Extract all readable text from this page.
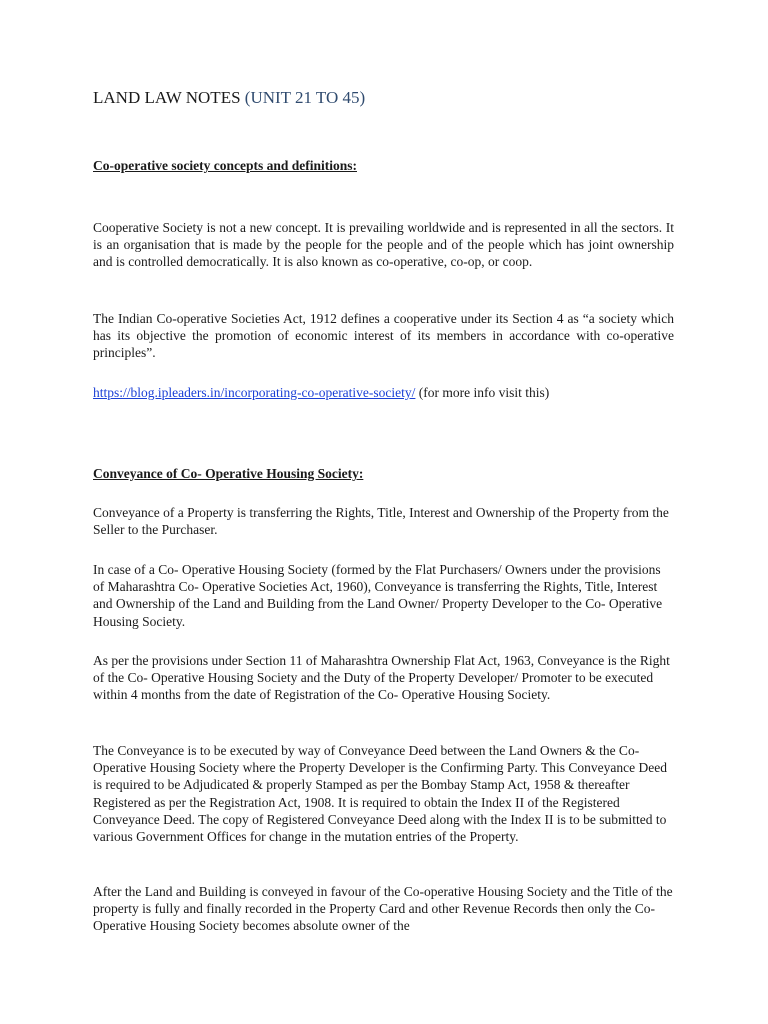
LAND LAW NOTES (UNIT 21 TO 45)
Co-operative society concepts and definitions:

Cooperative Society is not a new concept. It is prevailing worldwide and is represented in all the sectors. It is an organisation that is made by the people for the people and of the people which has joint ownership and is controlled democratically. It is also known as co-operative, co-op, or coop.

The Indian Co-operative Societies Act, 1912 defines a cooperative under its Section 4 as “a society which has its objective the promotion of economic interest of its members in accordance with co-operative principles”.

https://blog.ipleaders.in/incorporating-co-operative-society/ (for more info visit this)

Conveyance of Co- Operative Housing Society:

Conveyance of a Property is transferring the Rights, Title, Interest and Ownership of the Property from the Seller to the Purchaser.

In case of a Co- Operative Housing Society (formed by the Flat Purchasers/ Owners under the provisions of Maharashtra Co- Operative Societies Act, 1960), Conveyance is transferring the Rights, Title, Interest and Ownership of the Land and Building from the Land Owner/ Property Developer to the Co- Operative Housing Society.

As per the provisions under Section 11 of Maharashtra Ownership Flat Act, 1963, Conveyance is the Right of the Co- Operative Housing Society and the Duty of the Property Developer/ Promoter to be executed within 4 months from the date of Registration of the Co- Operative Housing Society.

The Conveyance is to be executed by way of Conveyance Deed between the Land Owners & the Co- Operative Housing Society where the Property Developer is the Confirming Party. This Conveyance Deed is required to be Adjudicated & properly Stamped as per the Bombay Stamp Act, 1958 & thereafter Registered as per the Registration Act, 1908. It is required to obtain the Index II of the Registered Conveyance Deed. The copy of Registered Conveyance Deed along with the Index II is to be submitted to various Government Offices for change in the mutation entries of the Property.

After the Land and Building is conveyed in favour of the Co-operative Housing Society and the Title of the property is fully and finally recorded in the Property Card and other Revenue Records then only the Co- Operative Housing Society becomes absolute owner of the
